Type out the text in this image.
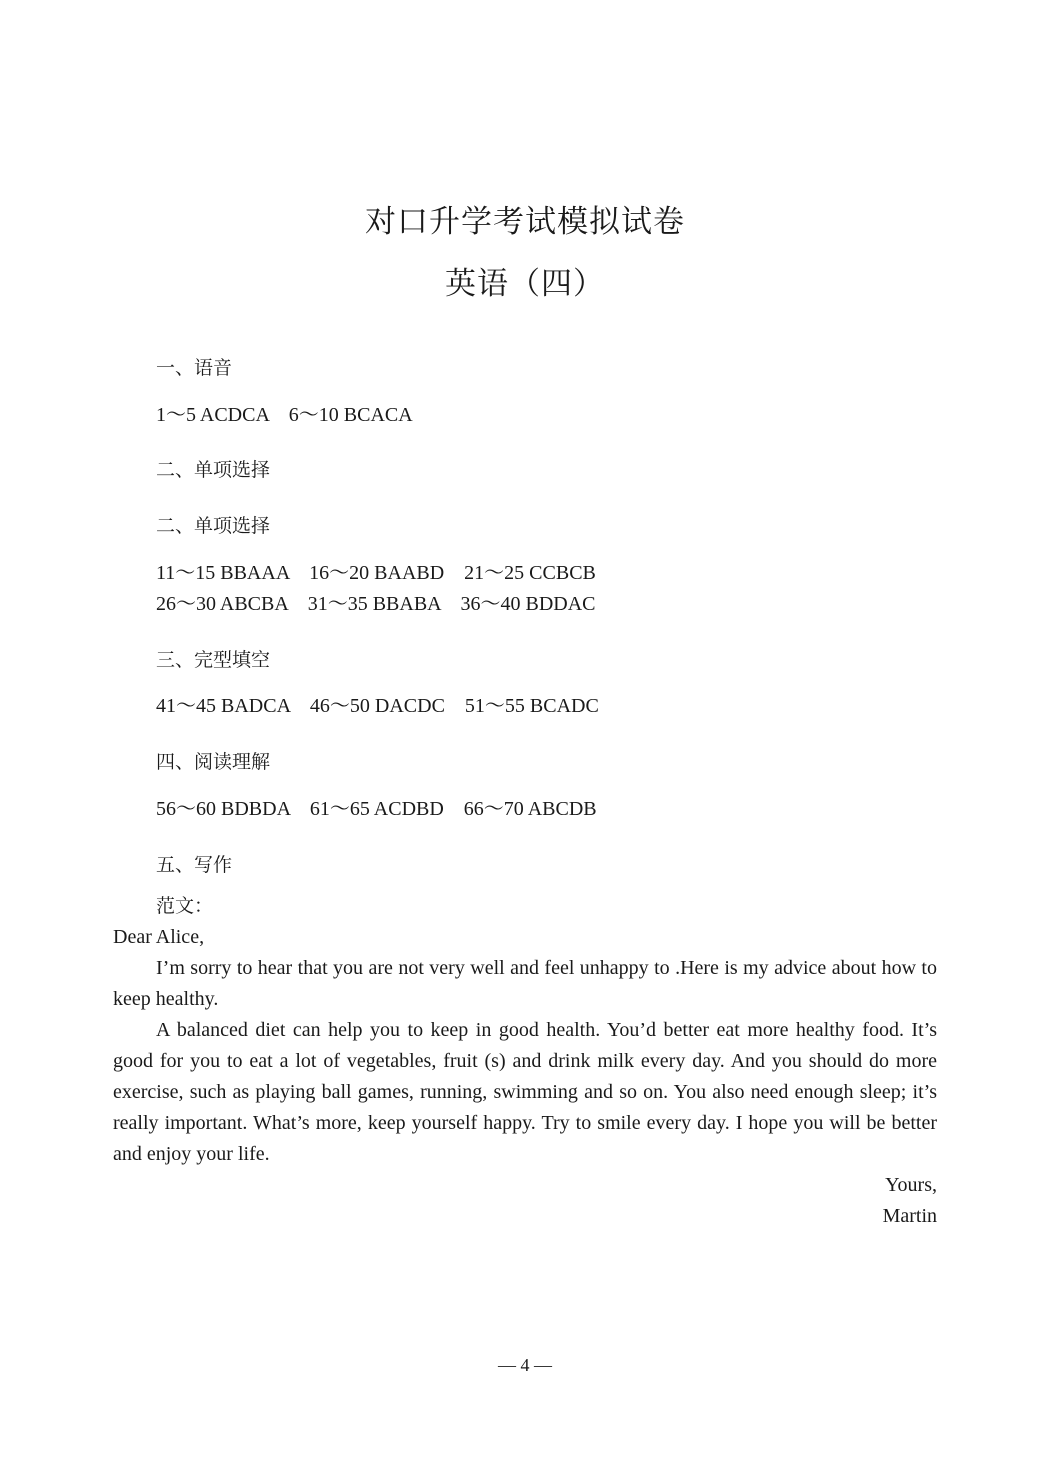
对口升学考试模拟试卷
英语（四）
一、语音
1～5 ACDCA    6～10 BCACA
二、单项选择
二、单项选择
11～15 BBAAA    16～20 BAABD    21～25 CCBCB
26～30 ABCBA    31～35 BBABA    36～40 BDDAC
三、完型填空
41～45 BADCA    46～50 DACDC    51～55 BCADC
四、阅读理解
56～60 BDBDA    61～65 ACDBD    66～70 ABCDB
五、写作

范文：

Dear Alice,

I’m sorry to hear that you are not very well and feel unhappy to .Here is my advice about how to keep healthy.

A balanced diet can help you to keep in good health. You’d better eat more healthy food. It’s good for you to eat a lot of vegetables, fruit (s) and drink milk every day. And you should do more exercise, such as playing ball games, running, swimming and so on. You also need enough sleep; it’s really important. What’s more, keep yourself happy. Try to smile every day. I hope you will be better and enjoy your life.

Yours,

Martin

— 4 —
